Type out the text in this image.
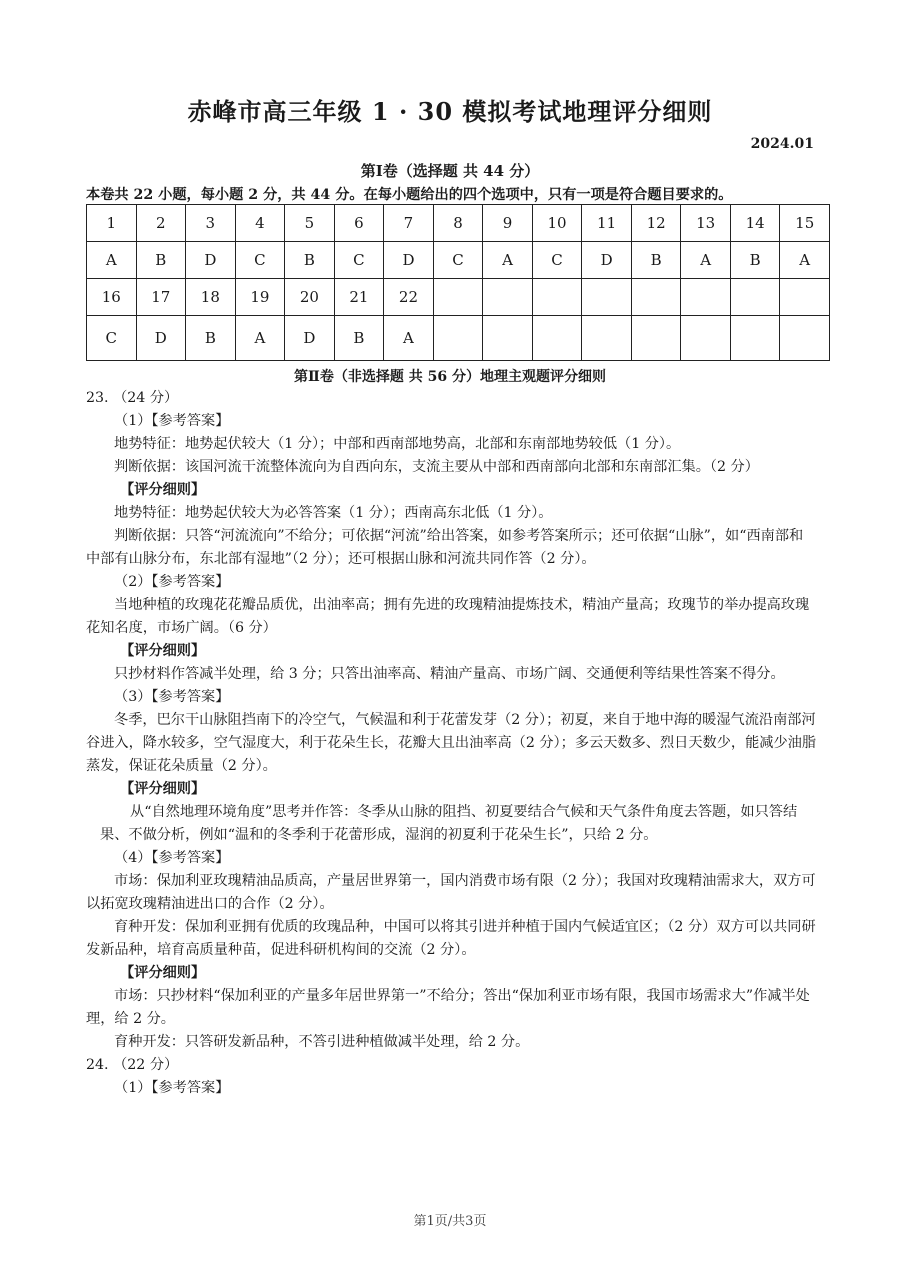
赤峰市高三年级 1 · 30 模拟考试地理评分细则
2024.01
第Ⅰ卷（选择题 共 44 分）
本卷共 22 小题，每小题 2 分，共 44 分。在每小题给出的四个选项中，只有一项是符合题目要求的。
1	2	3	4	5	6	7	8	9	10	11	12	13	14	15
A	B	D	C	B	C	D	C	A	C	D	B	A	B	A
16	17	18	19	20	21	22								
C	D	B	A	D	B	A								
第Ⅱ卷（非选择题 共 56 分）地理主观题评分细则

23. （24 分）

（1）【参考答案】

地势特征：地势起伏较大（1 分）；中部和西南部地势高，北部和东南部地势较低（1 分）。

判断依据：该国河流干流整体流向为自西向东，支流主要从中部和西南部向北部和东南部汇集。（2 分）

【评分细则】

地势特征：地势起伏较大为必答答案（1 分）；西南高东北低（1 分）。

判断依据：只答“河流流向”不给分；可依据“河流”给出答案，如参考答案所示；还可依据“山脉”，如“西南部和中部有山脉分布，东北部有湿地”（2 分）；还可根据山脉和河流共同作答（2 分）。

（2）【参考答案】

当地种植的玫瑰花花瓣品质优，出油率高；拥有先进的玫瑰精油提炼技术，精油产量高；玫瑰节的举办提高玫瑰花知名度，市场广阔。（6 分）

【评分细则】

只抄材料作答减半处理，给 3 分；只答出油率高、精油产量高、市场广阔、交通便利等结果性答案不得分。

（3）【参考答案】

冬季，巴尔干山脉阻挡南下的冷空气，气候温和利于花蕾发芽（2 分）；初夏，来自于地中海的暖湿气流沿南部河谷进入，降水较多，空气湿度大，利于花朵生长，花瓣大且出油率高（2 分）；多云天数多、烈日天数少，能减少油脂蒸发，保证花朵质量（2 分）。

【评分细则】

从“自然地理环境角度”思考并作答：冬季从山脉的阻挡、初夏要结合气候和天气条件角度去答题，如只答结果、不做分析，例如“温和的冬季利于花蕾形成，湿润的初夏利于花朵生长”，只给 2 分。

（4）【参考答案】

市场：保加利亚玫瑰精油品质高，产量居世界第一，国内消费市场有限（2 分）；我国对玫瑰精油需求大，双方可以拓宽玫瑰精油进出口的合作（2 分）。

育种开发：保加利亚拥有优质的玫瑰品种，中国可以将其引进并种植于国内气候适宜区；（2 分）双方可以共同研发新品种，培育高质量种苗，促进科研机构间的交流（2 分）。

【评分细则】

市场：只抄材料“保加利亚的产量多年居世界第一”不给分；答出“保加利亚市场有限，我国市场需求大”作减半处理，给 2 分。

育种开发：只答研发新品种，不答引进种植做减半处理，给 2 分。

24. （22 分）

（1）【参考答案】

第1页/共3页
